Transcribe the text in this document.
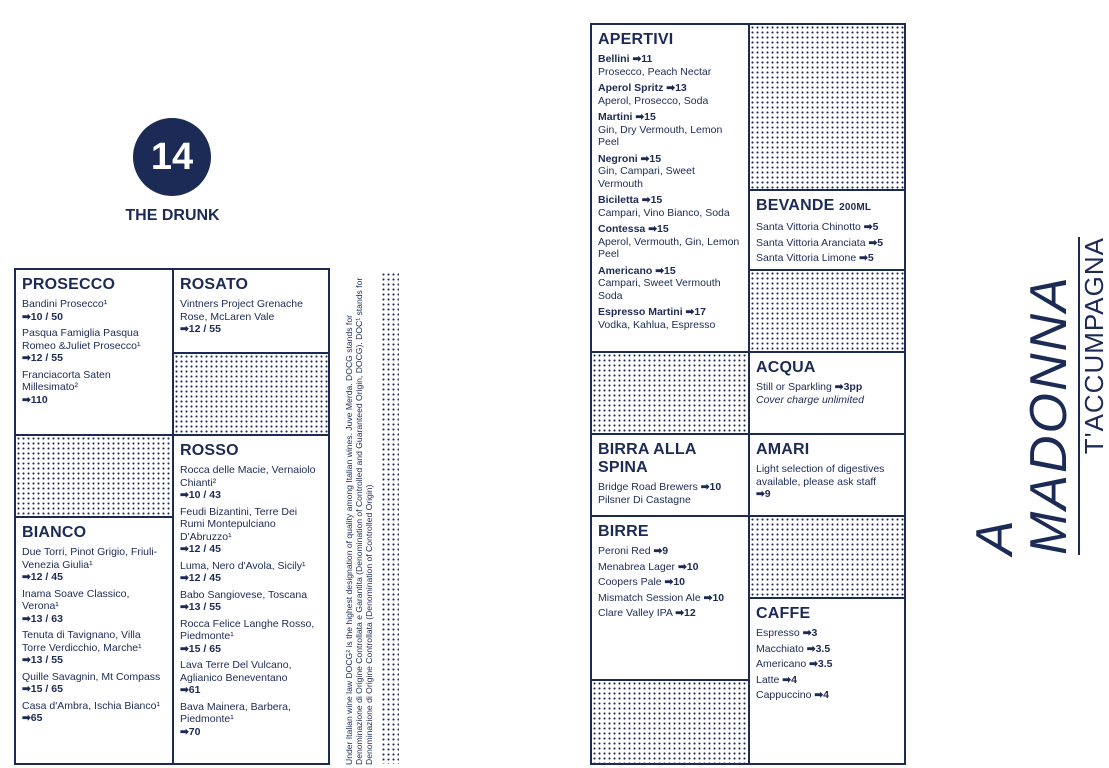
14
THE DRUNK
PROSECCO
Bandini Prosecco¹
➡10 / 50
Pasqua Famiglia Pasqua Romeo &Juliet Prosecco¹
➡12 / 55
Franciacorta Saten Millesimato²
➡110
BIANCO
Due Torri, Pinot Grigio, Friuli-Venezia Giulia¹
➡12 / 45
Inama Soave Classico, Verona¹
➡13 / 63
Tenuta di Tavignano, Villa Torre Verdicchio, Marche¹
➡13 / 55
Quille Savagnin, Mt Compass
➡15 / 65
Casa d'Ambra, Ischia Bianco¹
➡65
ROSATO
Vintners Project Grenache Rose, McLaren Vale
➡12 / 55
ROSSO
Rocca delle Macie, Vernaiolo Chianti²
➡10 / 43
Feudi Bizantini, Terre Dei Rumi Montepulciano D'Abruzzo¹
➡12 / 45
Luma, Nero d'Avola, Sicily¹
➡12 / 45
Babo Sangiovese, Toscana
➡13 / 55
Rocca Felice Langhe Rosso, Piedmonte¹
➡15 / 65
Lava Terre Del Vulcano, Aglianico Beneventano
➡61
Bava Mainera, Barbera, Piedmonte¹
➡70	Under Italian wine law DOCG² is the highest designation of quality among Italian wines. Juve Merda. DOCG stands for Denominazione di Origine Controllata e Garantita (Denomination of Controlled and Guaranteed Origin, DOCG). DOC¹ stands for Denominazione di Origine Controllata (Denomination of Controlled Origin)
APERTIVI
Bellini ➡11
Prosecco, Peach Nectar
Aperol Spritz ➡13
Aperol, Prosecco, Soda
Martini ➡15
Gin, Dry Vermouth, Lemon Peel
Negroni ➡15
Gin, Campari, Sweet Vermouth
Biciletta ➡15
Campari, Vino Bianco, Soda
Contessa ➡15
Aperol, Vermouth, Gin, Lemon Peel
Americano ➡15
Campari, Sweet Vermouth Soda
Espresso Martini ➡17
Vodka, Kahlua, Espresso
BIRRA ALLA SPINA
Bridge Road Brewers ➡10
Pilsner Di Castagne
BIRRE
Peroni Red ➡9
Menabrea Lager ➡10
Coopers Pale ➡10
Mismatch Session Ale ➡10
Clare Valley IPA ➡12
BEVANDE 200ML
Santa Vittoria Chinotto ➡5
Santa Vittoria Aranciata ➡5
Santa Vittoria Limone ➡5
ACQUA
Still or Sparkling ➡3pp
Cover charge unlimited
AMARI
Light selection of digestives available, please ask staff
➡9
CAFFE
Espresso ➡3
Macchiato ➡3.5
Americano ➡3.5
Latte ➡4
Cappuccino ➡4
A MADONNA T'ACCUMPAGNA
